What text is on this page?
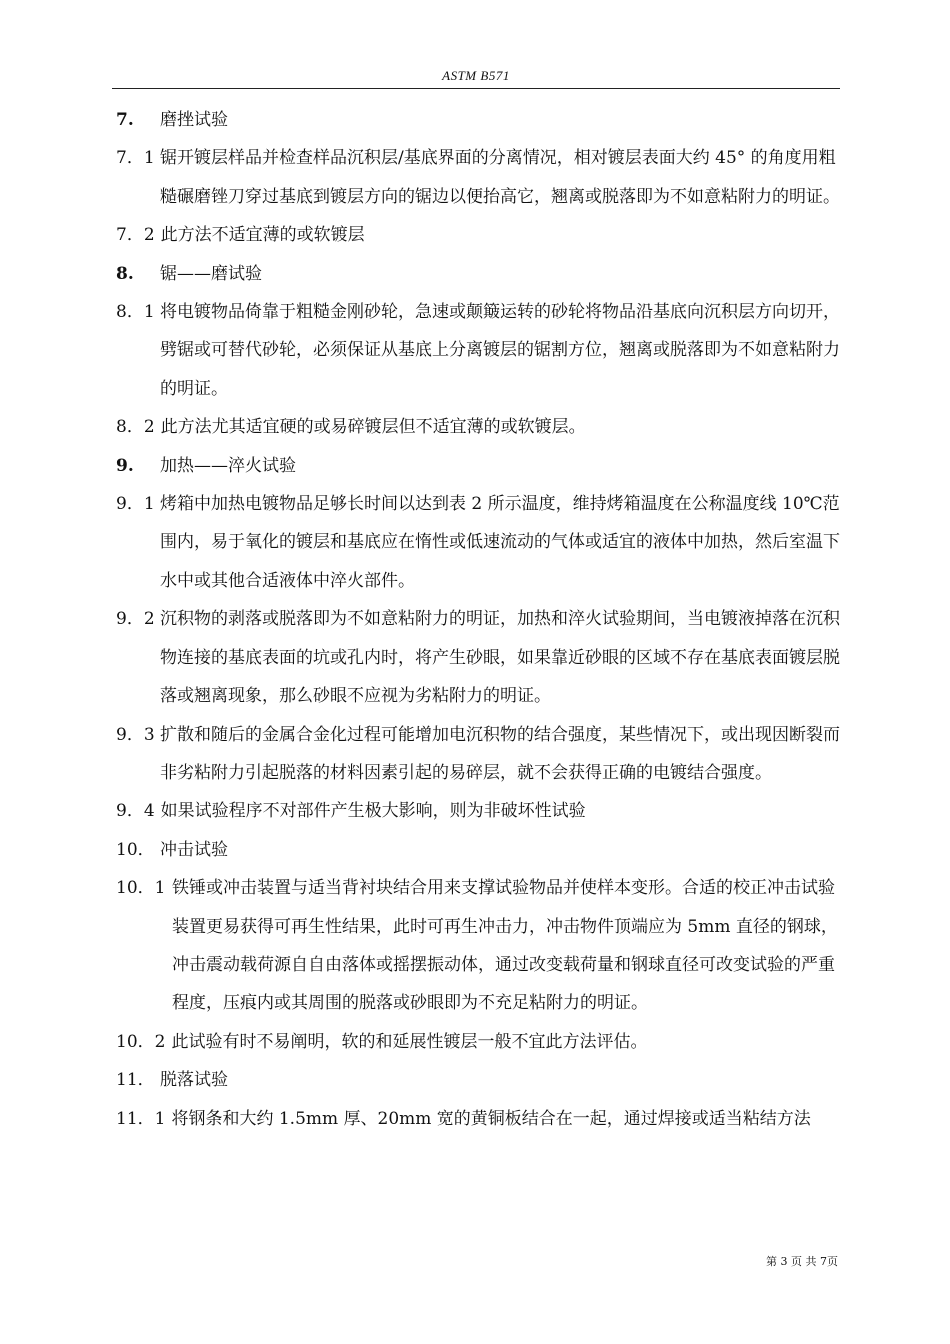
ASTM B571

7. 磨挫试验

7．1 锯开镀层样品并检查样品沉积层/基底界面的分离情况，相对镀层表面大约 45° 的角度用粗糙碾磨锉刀穿过基底到镀层方向的锯边以便抬高它，翘离或脱落即为不如意粘附力的明证。

7．2 此方法不适宜薄的或软镀层

8. 锯——磨试验

8．1 将电镀物品倚靠于粗糙金刚砂轮，急速或颠簸运转的砂轮将物品沿基底向沉积层方向切开，劈锯或可替代砂轮，必须保证从基底上分离镀层的锯割方位，翘离或脱落即为不如意粘附力的明证。

8．2 此方法尤其适宜硬的或易碎镀层但不适宜薄的或软镀层。

9. 加热——淬火试验

9．1 烤箱中加热电镀物品足够长时间以达到表 2 所示温度，维持烤箱温度在公称温度线 10℃范围内，易于氧化的镀层和基底应在惰性或低速流动的气体或适宜的液体中加热，然后室温下水中或其他合适液体中淬火部件。

9．2 沉积物的剥落或脱落即为不如意粘附力的明证，加热和淬火试验期间，当电镀液掉落在沉积物连接的基底表面的坑或孔内时，将产生砂眼，如果靠近砂眼的区域不存在基底表面镀层脱落或翘离现象，那么砂眼不应视为劣粘附力的明证。

9．3 扩散和随后的金属合金化过程可能增加电沉积物的结合强度，某些情况下，或出现因断裂而非劣粘附力引起脱落的材料因素引起的易碎层，就不会获得正确的电镀结合强度。

9．4 如果试验程序不对部件产生极大影响，则为非破坏性试验

10． 冲击试验

10．1 铁锤或冲击装置与适当背衬块结合用来支撑试验物品并使样本变形。合适的校正冲击试验装置更易获得可再生性结果，此时可再生冲击力，冲击物件顶端应为 5mm 直径的钢球，冲击震动载荷源自自由落体或摇摆振动体，通过改变载荷量和钢球直径可改变试验的严重程度，压痕内或其周围的脱落或砂眼即为不充足粘附力的明证。

10．2 此试验有时不易阐明，软的和延展性镀层一般不宜此方法评估。

11． 脱落试验

11．1 将钢条和大约 1.5mm 厚、20mm 宽的黄铜板结合在一起，通过焊接或适当粘结方法

第 3 页 共 7页
